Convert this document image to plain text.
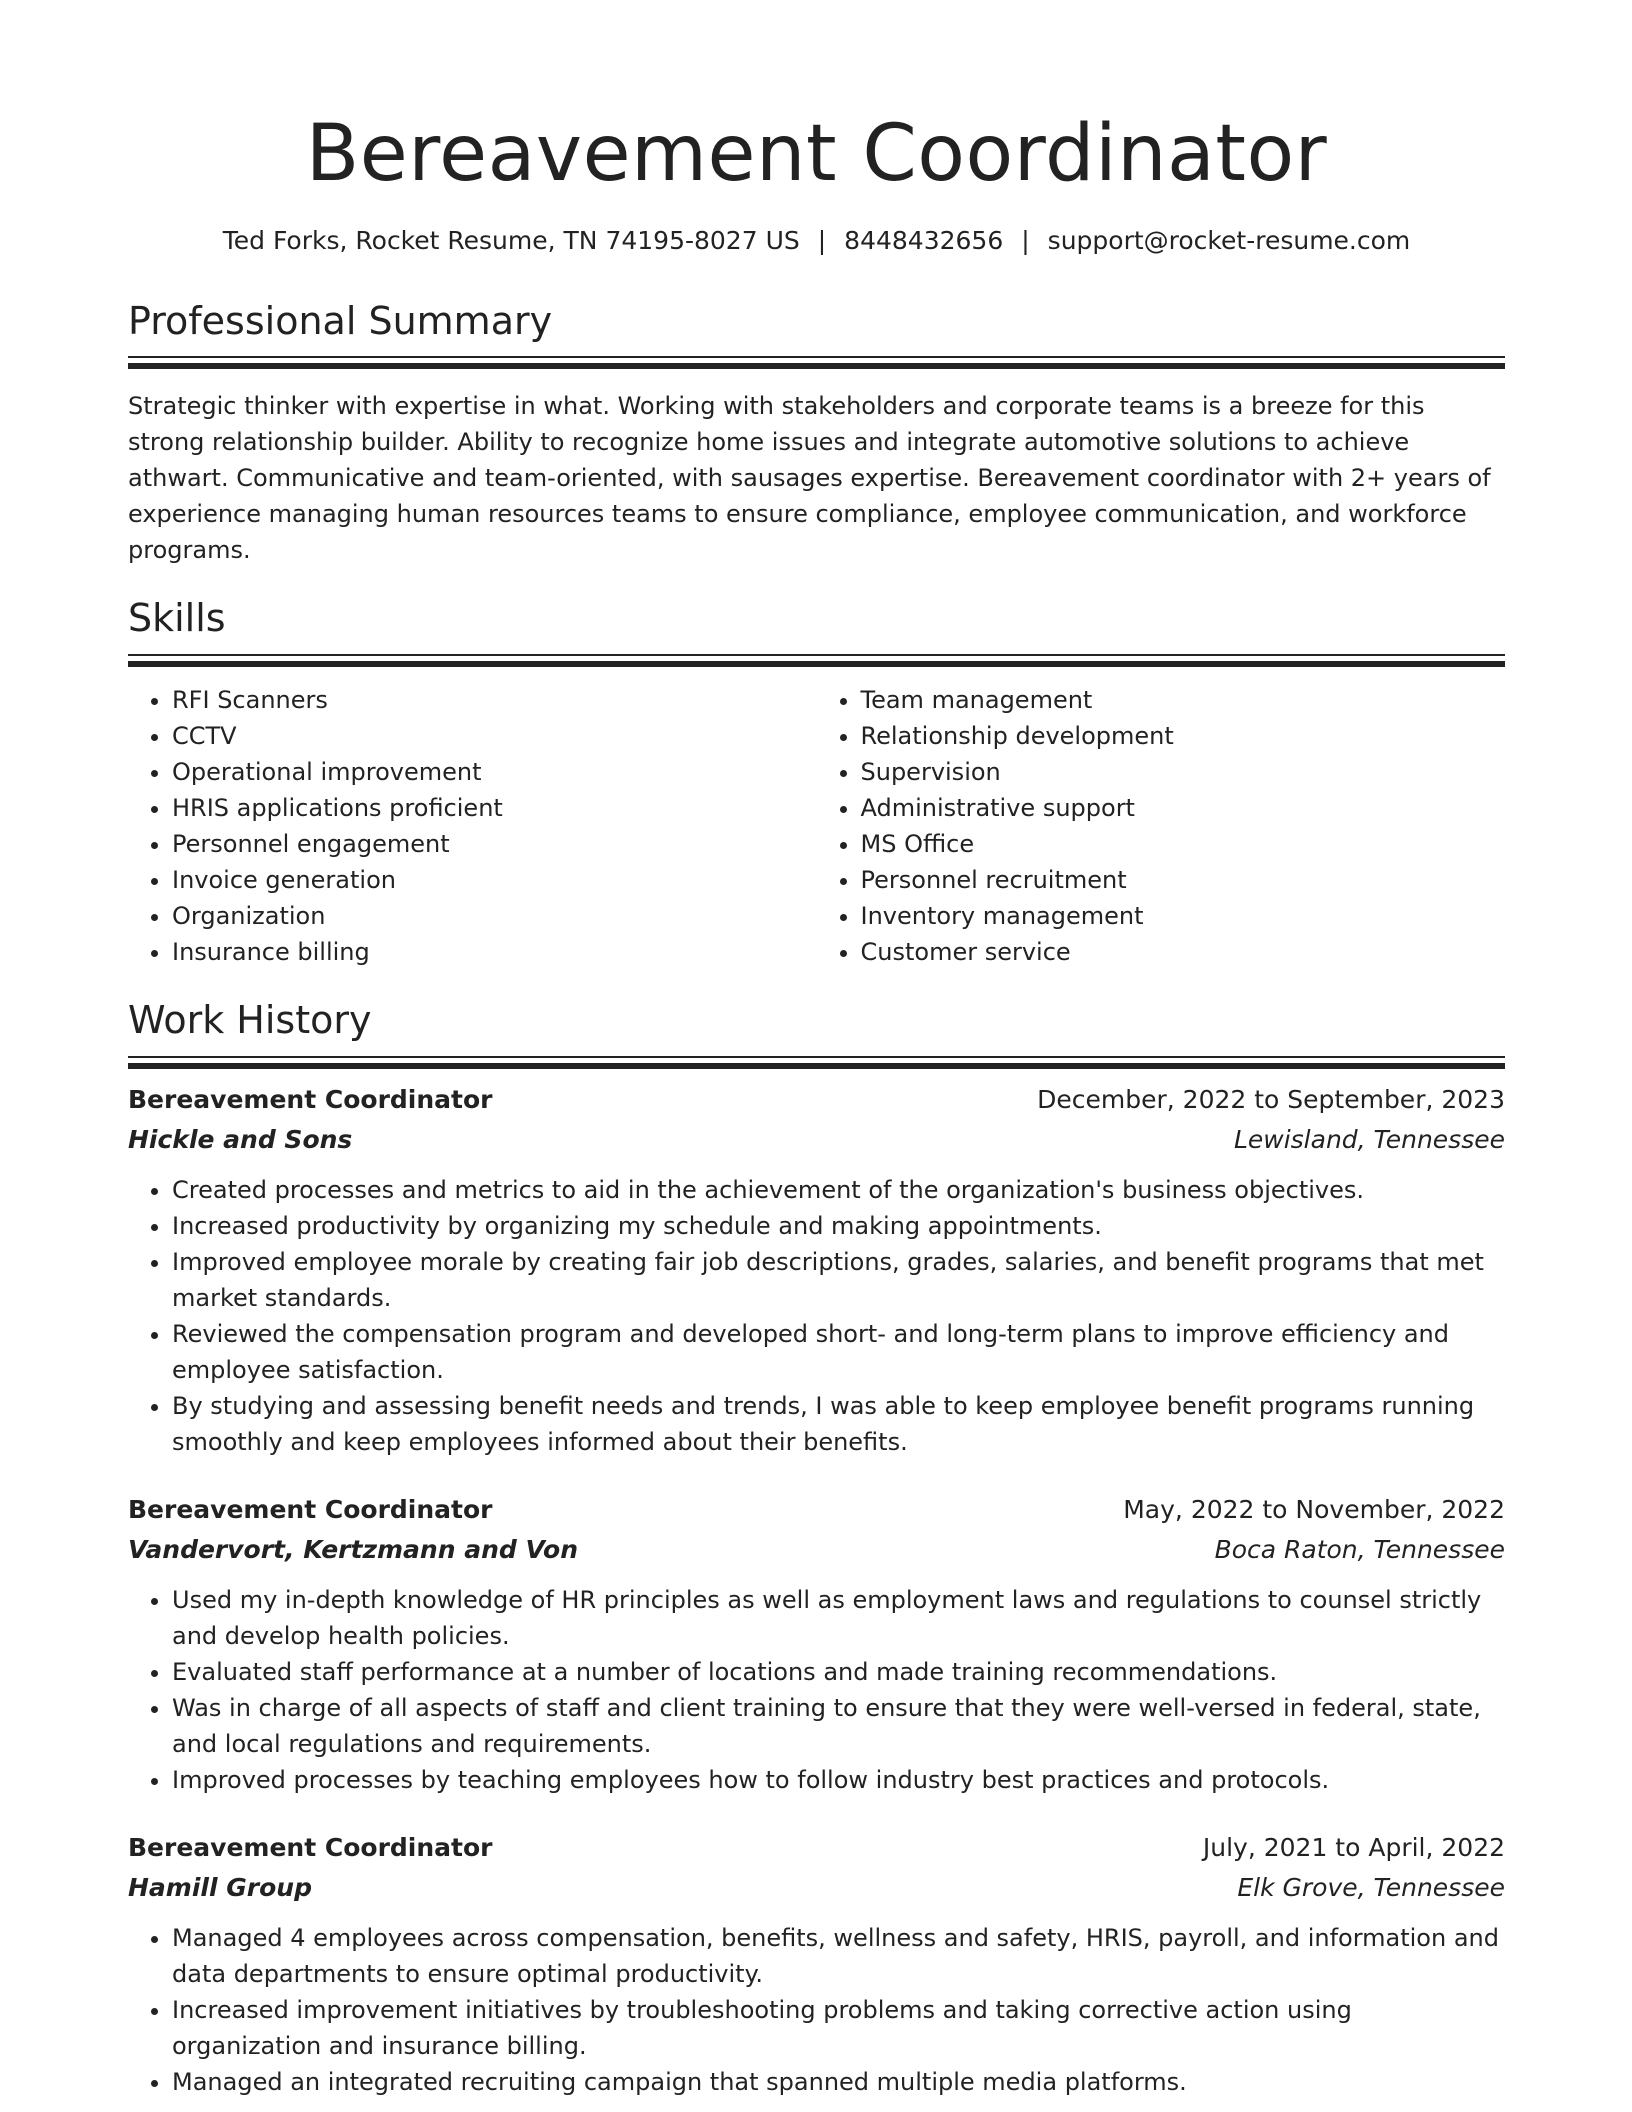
Bereavement Coordinator
Ted Forks, Rocket Resume, TN 74195-8027 US | 8448432656 | support@rocket-resume.com
Professional Summary
Strategic thinker with expertise in what. Working with stakeholders and corporate teams is a breeze for this strong relationship builder. Ability to recognize home issues and integrate automotive solutions to achieve athwart. Communicative and team-oriented, with sausages expertise. Bereavement coordinator with 2+ years of experience managing human resources teams to ensure compliance, employee communication, and workforce programs.
Skills
• RFI Scanners
• CCTV
• Operational improvement
• HRIS applications proficient
• Personnel engagement
• Invoice generation
• Organization
• Insurance billing
• Team management
• Relationship development
• Supervision
• Administrative support
• MS Office
• Personnel recruitment
• Inventory management
• Customer service
Work History
Bereavement Coordinator	December, 2022 to September, 2023
Hickle and Sons	Lewisland, Tennessee
• Created processes and metrics to aid in the achievement of the organization's business objectives.
• Increased productivity by organizing my schedule and making appointments.
• Improved employee morale by creating fair job descriptions, grades, salaries, and benefit programs that met market standards.
• Reviewed the compensation program and developed short- and long-term plans to improve efficiency and employee satisfaction.
• By studying and assessing benefit needs and trends, I was able to keep employee benefit programs running smoothly and keep employees informed about their benefits.
Bereavement Coordinator	May, 2022 to November, 2022
Vandervort, Kertzmann and Von	Boca Raton, Tennessee
• Used my in-depth knowledge of HR principles as well as employment laws and regulations to counsel strictly and develop health policies.
• Evaluated staff performance at a number of locations and made training recommendations.
• Was in charge of all aspects of staff and client training to ensure that they were well-versed in federal, state, and local regulations and requirements.
• Improved processes by teaching employees how to follow industry best practices and protocols.
Bereavement Coordinator	July, 2021 to April, 2022
Hamill Group	Elk Grove, Tennessee
• Managed 4 employees across compensation, benefits, wellness and safety, HRIS, payroll, and information and data departments to ensure optimal productivity.
• Increased improvement initiatives by troubleshooting problems and taking corrective action using organization and insurance billing.
• Managed an integrated recruiting campaign that spanned multiple media platforms.
